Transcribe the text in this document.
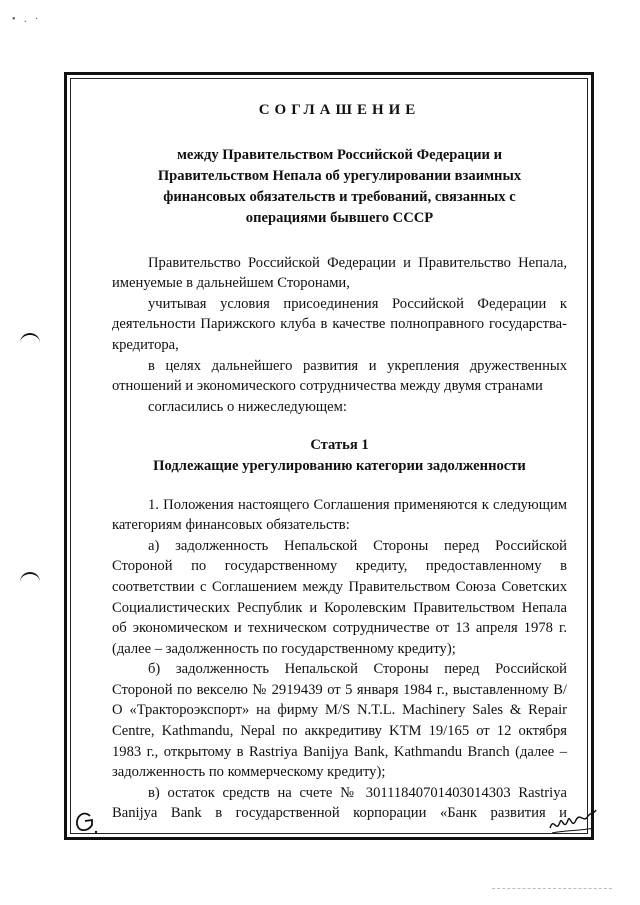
• . ·
СОГЛАШЕНИЕ
между Правительством Российской Федерации и
Правительством Непала об урегулировании взаимных
финансовых обязательств и требований, связанных с
операциями бывшего СССР

Правительство Российской Федерации и Правительство Непала, именуемые в дальнейшем Сторонами,

учитывая условия присоединения Российской Федерации к деятельности Парижского клуба в качестве полноправного государства-кредитора,

в целях дальнейшего развития и укрепления дружественных отношений и экономического сотрудничества между двумя странами

согласились о нижеследующем:

Статья 1
Подлежащие урегулированию категории задолженности

1. Положения настоящего Соглашения применяются к следующим категориям финансовых обязательств:

а) задолженность Непальской Стороны перед Российской Стороной по государственному кредиту, предоставленному в соответствии с Соглашением между Правительством Союза Советских Социалистических Республик и Королевским Правительством Непала об экономическом и техническом сотрудничестве от 13 апреля 1978 г. (далее – задолженность по государственному кредиту);

б) задолженность Непальской Стороны перед Российской Стороной по векселю № 2919439 от 5 января 1984 г., выставленному В/О «Трактороэкспорт» на фирму M/S N.T.L. Machinery Sales & Repair Centre, Kathmandu, Nepal по аккредитиву KTM 19/165 от 12 октября 1983 г., открытому в Rastriya Banijya Bank, Kathmandu Branch (далее – задолженность по коммерческому кредиту);

в) остаток средств на счете № 30111840701403014303 Rastriya Banijya Bank в государственной корпорации «Банк развития и
